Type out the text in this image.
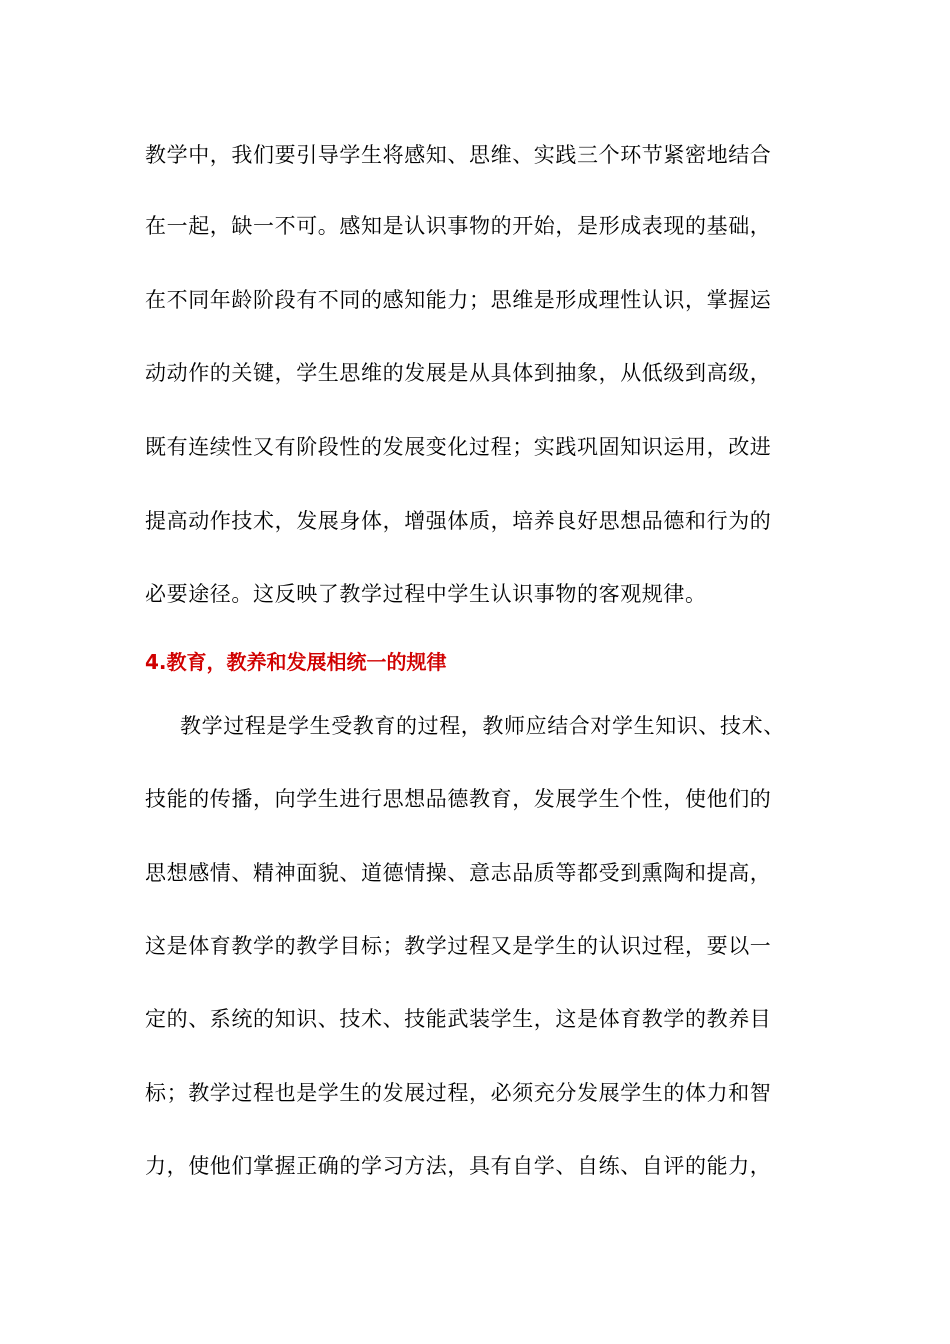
教学中，我们要引导学生将感知、思维、实践三个环节紧密地结合
在一起，缺一不可。感知是认识事物的开始，是形成表现的基础，
在不同年龄阶段有不同的感知能力；思维是形成理性认识，掌握运
动动作的关键，学生思维的发展是从具体到抽象，从低级到高级，
既有连续性又有阶段性的发展变化过程；实践巩固知识运用，改进
提高动作技术，发展身体，增强体质，培养良好思想品德和行为的
必要途径。这反映了教学过程中学生认识事物的客观规律。
4.教育，教养和发展相统一的规律
教学过程是学生受教育的过程，教师应结合对学生知识、技术、
技能的传播，向学生进行思想品德教育，发展学生个性，使他们的
思想感情、精神面貌、道德情操、意志品质等都受到熏陶和提高，
这是体育教学的教学目标；教学过程又是学生的认识过程，要以一
定的、系统的知识、技术、技能武装学生，这是体育教学的教养目
标；教学过程也是学生的发展过程，必须充分发展学生的体力和智
力，使他们掌握正确的学习方法，具有自学、自练、自评的能力，
